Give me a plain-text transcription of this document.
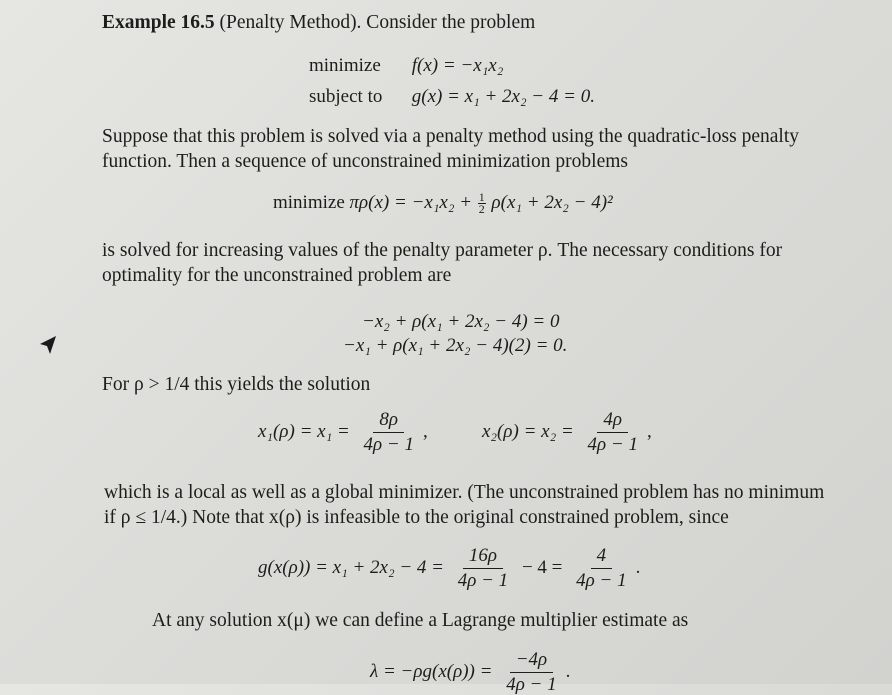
Example 16.5 (Penalty Method). Consider the problem
minimize f(x) = −x₁x₂
subject to g(x) = x₁ + 2x₂ − 4 = 0.
Suppose that this problem is solved via a penalty method using the quadratic-loss penalty
function. Then a sequence of unconstrained minimization problems
minimize $\pi\rho(x) = -x_1x_2 + \frac{1}{2} \rho(x_1 + 2x_2 - 4)^2$
is solved for increasing values of the penalty parameter ρ. The necessary conditions for
optimality for the unconstrained problem are
−x₂ + ρ(x₁ + 2x₂ − 4) = 0
−x₁ + ρ(x₁ + 2x₂ − 4)(2) = 0.
For ρ > 1/4 this yields the solution
$x_1(\rho) = x_1 = \frac{8\rho}{4\rho - 1}$ ,	$x_2(\rho) = x_2 = \frac{4\rho}{4\rho - 1}$ ,
which is a local as well as a global minimizer. (The unconstrained problem has no minimum
if ρ ≤ 1/4.) Note that x(ρ) is infeasible to the original constrained problem, since
$g(x(\rho)) = x_1 + 2x_2 - 4 = \frac{16\rho}{4\rho - 1} - 4 = \frac{4}{4\rho - 1}$ .
At any solution x(μ) we can define a Lagrange multiplier estimate as
$\lambda = -\rho g(x(\rho)) = \frac{-4\rho}{4\rho - 1}$ .
